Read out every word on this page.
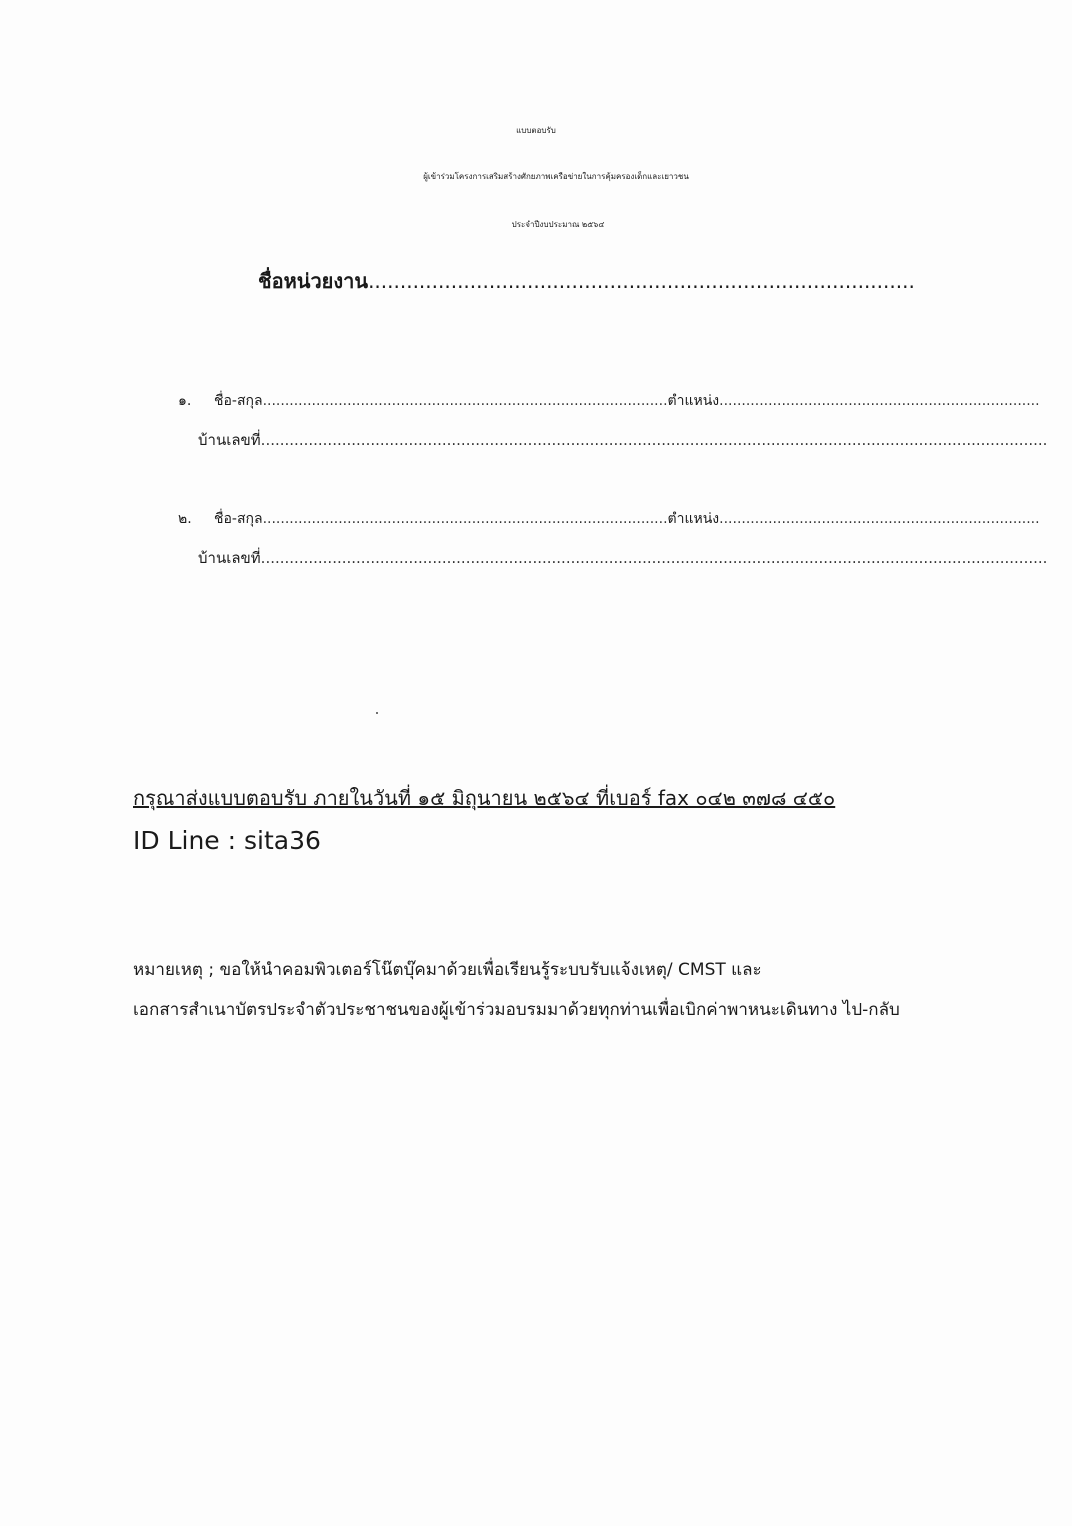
แบบตอบรับ
ผู้เข้าร่วมโครงการเสริมสร้างศักยภาพเครือข่ายในการคุ้มครองเด็กและเยาวชน
ประจำปีงบประมาณ ๒๕๖๔
ชื่อหน่วยงาน......................................................................................
๑. ชื่อ-สกุล...........................................................................................ตำแหน่ง........................................................................
บ้านเลขที่.....................................................................................................................................................................
๒. ชื่อ-สกุล...........................................................................................ตำแหน่ง........................................................................
บ้านเลขที่.....................................................................................................................................................................
กรุณาส่งแบบตอบรับ ภายในวันที่ ๑๕ มิถุนายน ๒๕๖๔ ที่เบอร์ fax ๐๔๒ ๓๗๘ ๔๕๐
ID Line : sita36
หมายเหตุ ; ขอให้นำคอมพิวเตอร์โน๊ตบุ๊คมาด้วยเพื่อเรียนรู้ระบบรับแจ้งเหตุ/ CMST และ
เอกสารสำเนาบัตรประจำตัวประชาชนของผู้เข้าร่วมอบรมมาด้วยทุกท่านเพื่อเบิกค่าพาหนะเดินทาง ไป-กลับ
